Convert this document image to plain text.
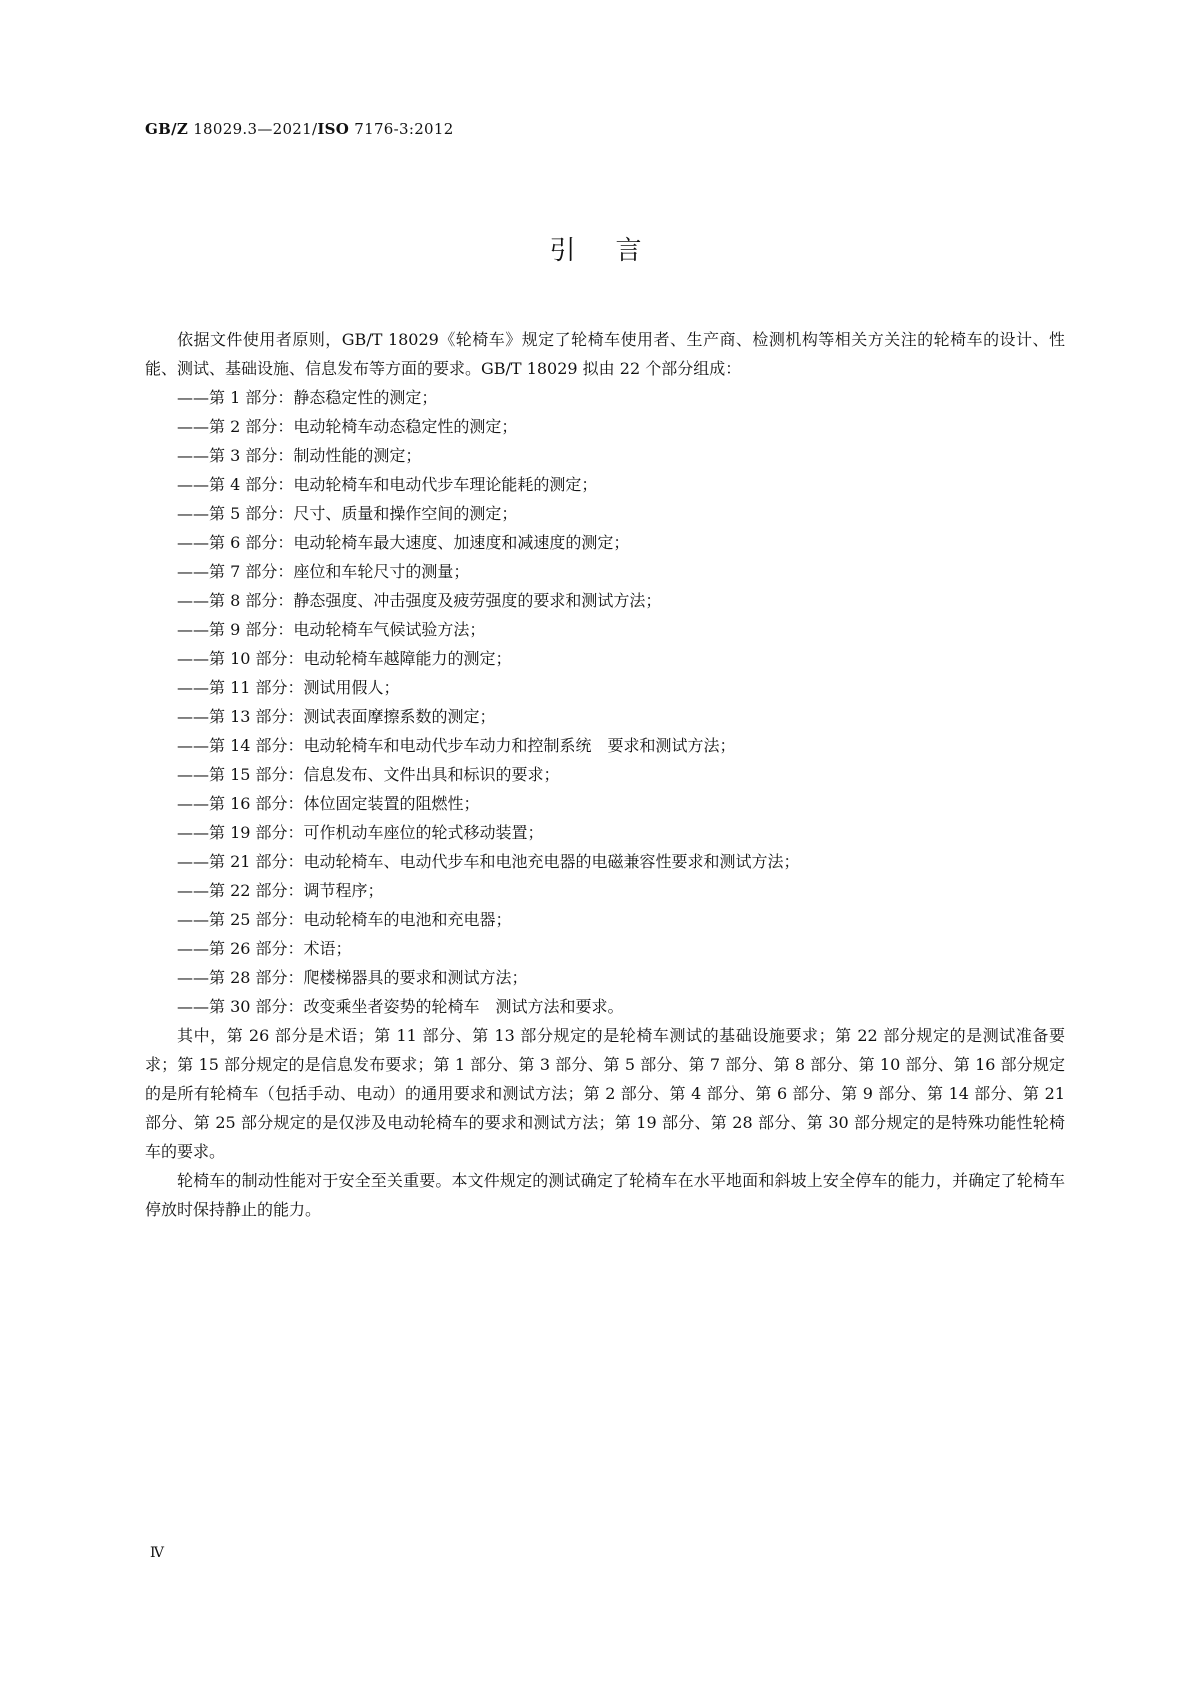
GB/Z 18029.3—2021/ISO 7176-3:2012
引言

依据文件使用者原则，GB/T 18029《轮椅车》规定了轮椅车使用者、生产商、检测机构等相关方关注的轮椅车的设计、性能、测试、基础设施、信息发布等方面的要求。GB/T 18029 拟由 22 个部分组成：

——第 1 部分：静态稳定性的测定；
——第 2 部分：电动轮椅车动态稳定性的测定；
——第 3 部分：制动性能的测定；
——第 4 部分：电动轮椅车和电动代步车理论能耗的测定；
——第 5 部分：尺寸、质量和操作空间的测定；
——第 6 部分：电动轮椅车最大速度、加速度和减速度的测定；
——第 7 部分：座位和车轮尺寸的测量；
——第 8 部分：静态强度、冲击强度及疲劳强度的要求和测试方法；
——第 9 部分：电动轮椅车气候试验方法；
——第 10 部分：电动轮椅车越障能力的测定；
——第 11 部分：测试用假人；
——第 13 部分：测试表面摩擦系数的测定；
——第 14 部分：电动轮椅车和电动代步车动力和控制系统　要求和测试方法；
——第 15 部分：信息发布、文件出具和标识的要求；
——第 16 部分：体位固定装置的阻燃性；
——第 19 部分：可作机动车座位的轮式移动装置；
——第 21 部分：电动轮椅车、电动代步车和电池充电器的电磁兼容性要求和测试方法；
——第 22 部分：调节程序；
——第 25 部分：电动轮椅车的电池和充电器；
——第 26 部分：术语；
——第 28 部分：爬楼梯器具的要求和测试方法；
——第 30 部分：改变乘坐者姿势的轮椅车　测试方法和要求。

其中，第 26 部分是术语；第 11 部分、第 13 部分规定的是轮椅车测试的基础设施要求；第 22 部分规定的是测试准备要求；第 15 部分规定的是信息发布要求；第 1 部分、第 3 部分、第 5 部分、第 7 部分、第 8 部分、第 10 部分、第 16 部分规定的是所有轮椅车（包括手动、电动）的通用要求和测试方法；第 2 部分、第 4 部分、第 6 部分、第 9 部分、第 14 部分、第 21 部分、第 25 部分规定的是仅涉及电动轮椅车的要求和测试方法；第 19 部分、第 28 部分、第 30 部分规定的是特殊功能性轮椅车的要求。

轮椅车的制动性能对于安全至关重要。本文件规定的测试确定了轮椅车在水平地面和斜坡上安全停车的能力，并确定了轮椅车停放时保持静止的能力。

Ⅳ
